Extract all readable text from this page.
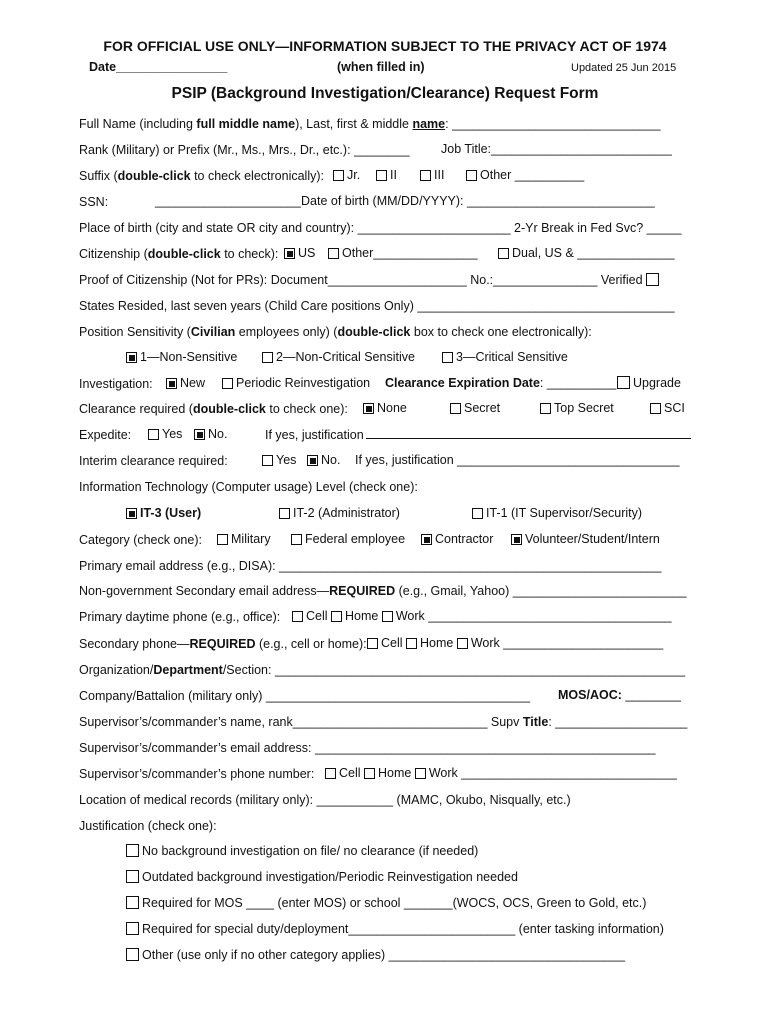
FOR OFFICIAL USE ONLY—INFORMATION SUBJECT TO THE PRIVACY ACT OF 1974
Date________________	(when filled in)	Updated 25 Jun 2015
PSIP (Background Investigation/Clearance) Request Form
Full Name (including full middle name), Last, first & middle name: ______________________________
Rank (Military) or Prefix (Mr., Ms., Mrs., Dr., etc.): ________	Job Title:__________________________
Suffix (double-click to check electronically):	Jr.	II	III	Other __________
SSN:	_____________________Date of birth (MM/DD/YYYY): ___________________________
Place of birth (city and state OR city and country): ______________________ 2-Yr Break in Fed Svc? _____
Citizenship (double-click to check):	US	Other_______________	Dual, US & ______________
Proof of Citizenship (Not for PRs): Document____________________ No.:_______________ Verified
States Resided, last seven years (Child Care positions Only) _____________________________________
Position Sensitivity (Civilian employees only) (double-click box to check one electronically):
1—Non-Sensitive	2—Non-Critical Sensitive	3—Critical Sensitive
Investigation:	New	Periodic Reinvestigation Clearance Expiration Date: __________	Upgrade
Clearance required (double-click to check one):	None	Secret	Top Secret	SCI
Expedite:	Yes	No.	If yes, justification
Interim clearance required:	Yes	No. If yes, justification ________________________________
Information Technology (Computer usage) Level (check one):
IT-3 (User)	IT-2 (Administrator)	IT-1 (IT Supervisor/Security)
Category (check one):	Military	Federal employee	Contractor	Volunteer/Student/Intern
Primary email address (e.g., DISA): _______________________________________________________
Non-government Secondary email address—REQUIRED (e.g., Gmail, Yahoo) _________________________
Primary daytime phone (e.g., office):	Cell Home Work ___________________________________
Secondary phone—REQUIRED (e.g., cell or home):	Cell Home Work _______________________
Organization/Department/Section: ___________________________________________________________
Company/Battalion (military only) ______________________________________ MOS/AOC: ________
Supervisor’s/commander’s name, rank____________________________ Supv Title: ___________________
Supervisor’s/commander’s email address: _________________________________________________
Supervisor’s/commander’s phone number:	Cell Home Work _______________________________
Location of medical records (military only): ___________ (MAMC, Okubo, Nisqually, etc.)
Justification (check one):
No background investigation on file/ no clearance (if needed)
Outdated background investigation/Periodic Reinvestigation needed
Required for MOS ____ (enter MOS) or school _______(WOCS, OCS, Green to Gold, etc.)
Required for special duty/deployment________________________ (enter tasking information)
Other (use only if no other category applies) __________________________________
